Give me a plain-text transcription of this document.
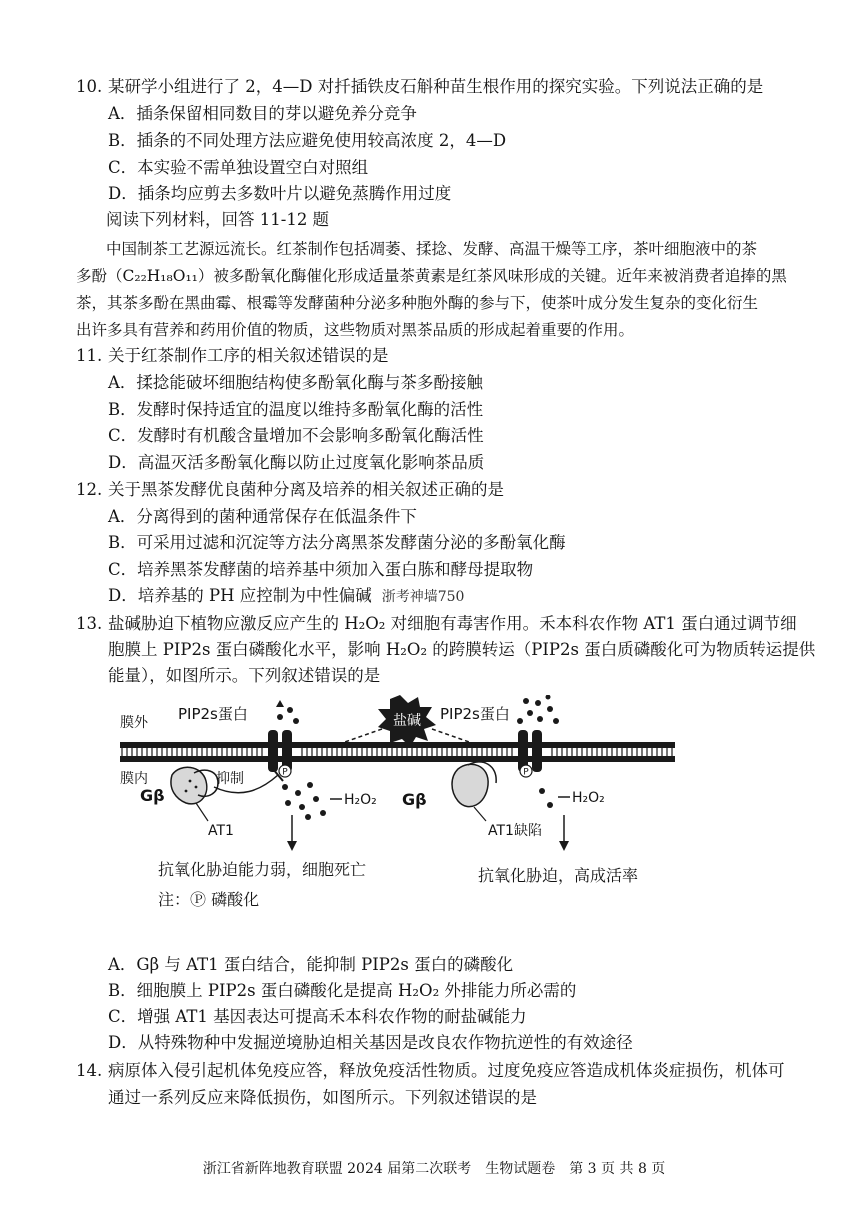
10. 某研学小组进行了 2，4—D 对扦插铁皮石斛种苗生根作用的探究实验。下列说法正确的是
A．插条保留相同数目的芽以避免养分竞争
B．插条的不同处理方法应避免使用较高浓度 2，4—D
C．本实验不需单独设置空白对照组
D．插条均应剪去多数叶片以避免蒸腾作用过度
阅读下列材料，回答 11-12 题
中国制茶工艺源远流长。红茶制作包括凋萎、揉捻、发酵、高温干燥等工序，茶叶细胞液中的茶
多酚（C₂₂H₁₈O₁₁）被多酚氧化酶催化形成适量茶黄素是红茶风味形成的关键。近年来被消费者追捧的黑
茶，其茶多酚在黑曲霉、根霉等发酵菌种分泌多种胞外酶的参与下，使茶叶成分发生复杂的变化衍生
出许多具有营养和药用价值的物质，这些物质对黑茶品质的形成起着重要的作用。
11. 关于红茶制作工序的相关叙述错误的是
A．揉捻能破坏细胞结构使多酚氧化酶与茶多酚接触
B．发酵时保持适宜的温度以维持多酚氧化酶的活性
C．发酵时有机酸含量增加不会影响多酚氧化酶活性
D．高温灭活多酚氧化酶以防止过度氧化影响茶品质
12. 关于黑茶发酵优良菌种分离及培养的相关叙述正确的是
A．分离得到的菌种通常保存在低温条件下
B．可采用过滤和沉淀等方法分离黑茶发酵菌分泌的多酚氧化酶
C．培养黑茶发酵菌的培养基中须加入蛋白胨和酵母提取物
D．培养基的 PH 应控制为中性偏碱 浙考神墙750
13. 盐碱胁迫下植物应激反应产生的 H₂O₂ 对细胞有毒害作用。禾本科农作物 AT1 蛋白通过调节细
胞膜上 PIP2s 蛋白磷酸化水平，影响 H₂O₂ 的跨膜转运（PIP2s 蛋白质磷酸化可为物质转运提供
能量），如图所示。下列叙述错误的是
P
H₂O₂
Gβ
抑制
AT1
膜外
膜内
PIP2s蛋白	盐碱 PIP2s蛋白
P
H₂O₂
Gβ
AT1缺陷
抗氧化胁迫能力弱，细胞死亡	抗氧化胁迫，高成活率
注：Ⓟ 磷酸化
A．Gβ 与 AT1 蛋白结合，能抑制 PIP2s 蛋白的磷酸化
B．细胞膜上 PIP2s 蛋白磷酸化是提高 H₂O₂ 外排能力所必需的
C．增强 AT1 基因表达可提高禾本科农作物的耐盐碱能力
D．从特殊物种中发掘逆境胁迫相关基因是改良农作物抗逆性的有效途径
14. 病原体入侵引起机体免疫应答，释放免疫活性物质。过度免疫应答造成机体炎症损伤，机体可
通过一系列反应来降低损伤，如图所示。下列叙述错误的是
浙江省新阵地教育联盟 2024 届第二次联考　生物试题卷　第 3 页 共 8 页
